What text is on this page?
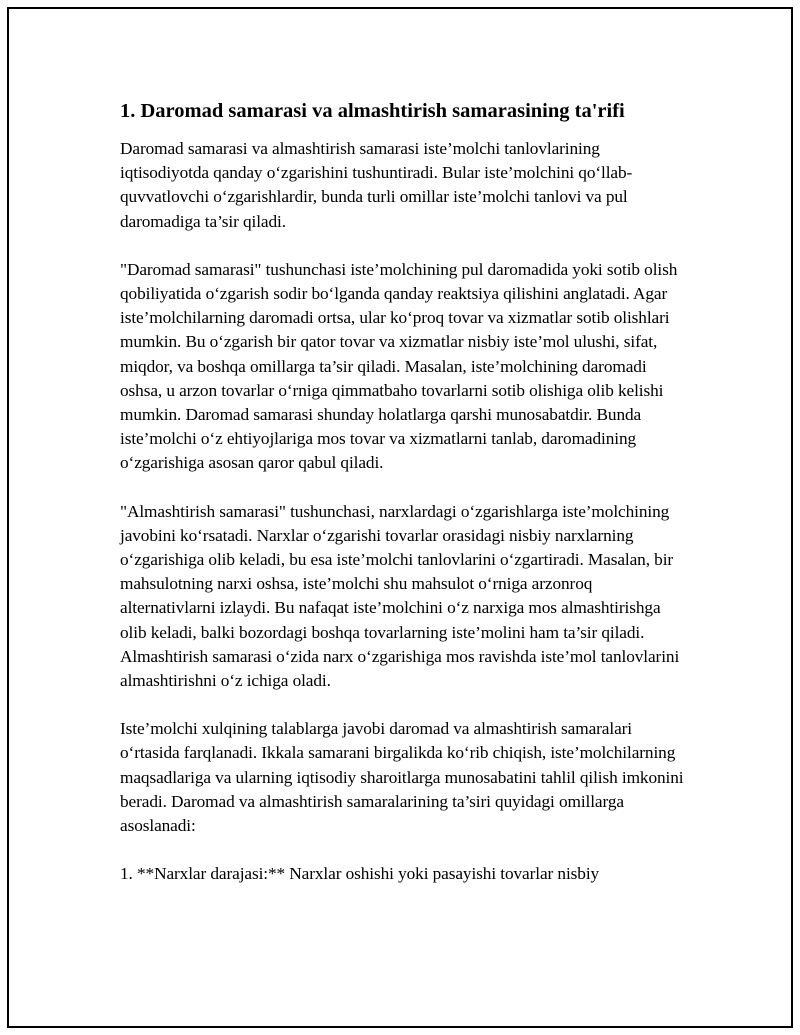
1. Daromad samarasi va almashtirish samarasining ta'rifi

Daromad samarasi va almashtirish samarasi iste’molchi tanlovlarining iqtisodiyotda qanday o‘zgarishini tushuntiradi. Bular iste’molchini qo‘llab-quvvatlovchi o‘zgarishlardir, bunda turli omillar iste’molchi tanlovi va pul daromadiga ta’sir qiladi.

"Daromad samarasi" tushunchasi iste’molchining pul daromadida yoki sotib olish qobiliyatida o‘zgarish sodir bo‘lganda qanday reaktsiya qilishini anglatadi. Agar iste’molchilarning daromadi ortsa, ular ko‘proq tovar va xizmatlar sotib olishlari mumkin. Bu o‘zgarish bir qator tovar va xizmatlar nisbiy iste’mol ulushi, sifat, miqdor, va boshqa omillarga ta’sir qiladi. Masalan, iste’molchining daromadi oshsa, u arzon tovarlar o‘rniga qimmatbaho tovarlarni sotib olishiga olib kelishi mumkin. Daromad samarasi shunday holatlarga qarshi munosabatdir. Bunda iste’molchi o‘z ehtiyojlariga mos tovar va xizmatlarni tanlab, daromadining o‘zgarishiga asosan qaror qabul qiladi.

"Almashtirish samarasi" tushunchasi, narxlardagi o‘zgarishlarga iste’molchining javobini ko‘rsatadi. Narxlar o‘zgarishi tovarlar orasidagi nisbiy narxlarning o‘zgarishiga olib keladi, bu esa iste’molchi tanlovlarini o‘zgartiradi. Masalan, bir mahsulotning narxi oshsa, iste’molchi shu mahsulot o‘rniga arzonroq alternativlarni izlaydi. Bu nafaqat iste’molchini o‘z narxiga mos almashtirishga olib keladi, balki bozordagi boshqa tovarlarning iste’molini ham ta’sir qiladi. Almashtirish samarasi o‘zida narx o‘zgarishiga mos ravishda iste’mol tanlovlarini almashtirishni o‘z ichiga oladi.

Iste’molchi xulqining talablarga javobi daromad va almashtirish samaralari o‘rtasida farqlanadi. Ikkala samarani birgalikda ko‘rib chiqish, iste’molchilarning maqsadlariga va ularning iqtisodiy sharoitlarga munosabatini tahlil qilish imkonini beradi. Daromad va almashtirish samaralarining ta’siri quyidagi omillarga asoslanadi:

1. **Narxlar darajasi:** Narxlar oshishi yoki pasayishi tovarlar nisbiy
